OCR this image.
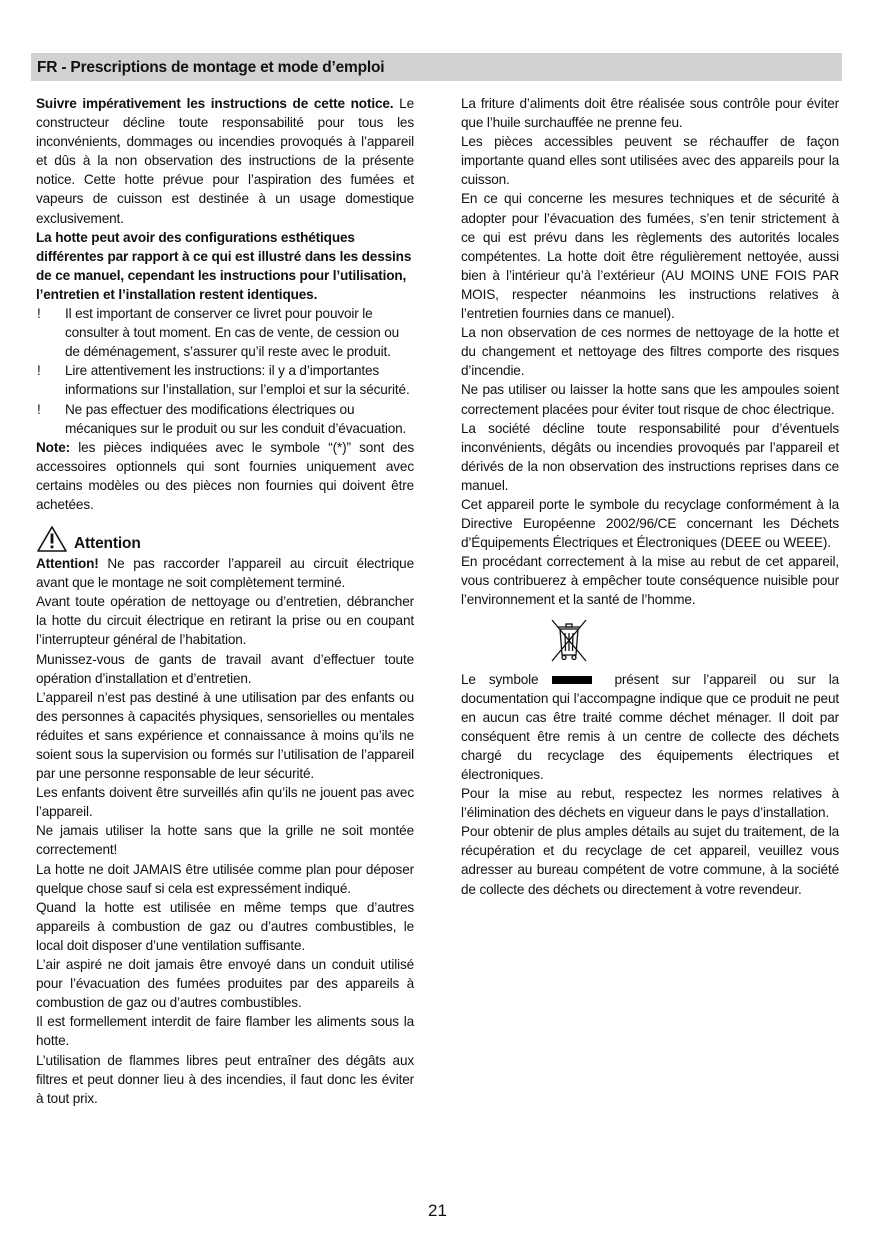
FR - Prescriptions de montage et mode d’emploi

Suivre impérativement les instructions de cette notice. Le constructeur décline toute responsabilité pour tous les inconvénients, dommages ou incendies provoqués à l’appareil et dûs à la non observation des instructions de la présente notice. Cette hotte prévue pour l’aspiration des fumées et vapeurs de cuisson est destinée à un usage domestique exclusivement.

La hotte peut avoir des configurations esthétiques différentes par rapport à ce qui est illustré dans les dessins de ce manuel, cependant les instructions pour l’utilisation, l’entretien et l’installation restent identiques.

! Il est important de conserver ce livret pour pouvoir le consulter à tout moment. En cas de vente, de cession ou de déménagement, s’assurer qu’il reste avec le produit.
! Lire attentivement les instructions: il y a d’importantes informations sur l’installation, sur l’emploi et sur la sécurité.
! Ne pas effectuer des modifications électriques ou mécaniques sur le produit ou sur les conduit d’évacuation.

Note: les pièces indiquées avec le symbole “(*)” sont des accessoires optionnels qui sont fournies uniquement avec certains modèles ou des pièces non fournies qui doivent être achetées.

Attention

Attention! Ne pas raccorder l’appareil au circuit électrique avant que le montage ne soit complètement terminé.

Avant toute opération de nettoyage ou d’entretien, débrancher la hotte du circuit électrique en retirant la prise ou en coupant l’interrupteur général de l’habitation.

Munissez-vous de gants de travail avant d’effectuer toute opération d’installation et d’entretien.

L’appareil n’est pas destiné à une utilisation par des enfants ou des personnes à capacités physiques, sensorielles ou mentales réduites et sans expérience et connaissance à moins qu’ils ne soient sous la supervision ou formés sur l’utilisation de l’appareil par une personne responsable de leur sécurité.

Les enfants doivent être surveillés afin qu’ils ne jouent pas avec l’appareil.

Ne jamais utiliser la hotte sans que la grille ne soit montée correctement!

La hotte ne doit JAMAIS être utilisée comme plan pour déposer quelque chose sauf si cela est expressément indiqué.

Quand la hotte est utilisée en même temps que d’autres appareils à combustion de gaz ou d’autres combustibles, le local doit disposer d’une ventilation suffisante.

L’air aspiré ne doit jamais être envoyé dans un conduit utilisé pour l’évacuation des fumées produites par des appareils à combustion de gaz ou d’autres combustibles.

Il est formellement interdit de faire flamber les aliments sous la hotte.

L’utilisation de flammes libres peut entraîner des dégâts aux filtres et peut donner lieu à des incendies, il faut donc les éviter à tout prix.

La friture d’aliments doit être réalisée sous contrôle pour éviter que l’huile surchauffée ne prenne feu.

Les pièces accessibles peuvent se réchauffer de façon importante quand elles sont utilisées avec des appareils pour la cuisson.

En ce qui concerne les mesures techniques et de sécurité à adopter pour l’évacuation des fumées, s’en tenir strictement à ce qui est prévu dans les règlements des autorités locales compétentes. La hotte doit être régulièrement nettoyée, aussi bien à l’intérieur qu’à l’extérieur (AU MOINS UNE FOIS PAR MOIS, respecter néanmoins les instructions relatives à l’entretien fournies dans ce manuel).

La non observation de ces normes de nettoyage de la hotte et du changement et nettoyage des filtres comporte des risques d’incendie.

Ne pas utiliser ou laisser la hotte sans que les ampoules soient correctement placées pour éviter tout risque de choc électrique.

La société décline toute responsabilité pour d’éventuels inconvénients, dégâts ou incendies provoqués par l’appareil et dérivés de la non observation des instructions reprises dans ce manuel.

Cet appareil porte le symbole du recyclage conformément à la Directive Européenne 2002/96/CE concernant les Déchets d’Équipements Électriques et Électroniques (DEEE ou WEEE).

En procédant correctement à la mise au rebut de cet appareil, vous contribuerez à empêcher toute conséquence nuisible pour l’environnement et la santé de l’homme.

Le symbole	présent sur l’appareil ou sur la documentation qui l’accompagne indique que ce produit ne peut en aucun cas être traité comme déchet ménager. Il doit par conséquent être remis à un centre de collecte des déchets chargé du recyclage des équipements électriques et électroniques.

Pour la mise au rebut, respectez les normes relatives à l’élimination des déchets en vigueur dans le pays d’installation.

Pour obtenir de plus amples détails au sujet du traitement, de la récupération et du recyclage de cet appareil, veuillez vous adresser au bureau compétent de votre commune, à la société de collecte des déchets ou directement à votre revendeur.

21
